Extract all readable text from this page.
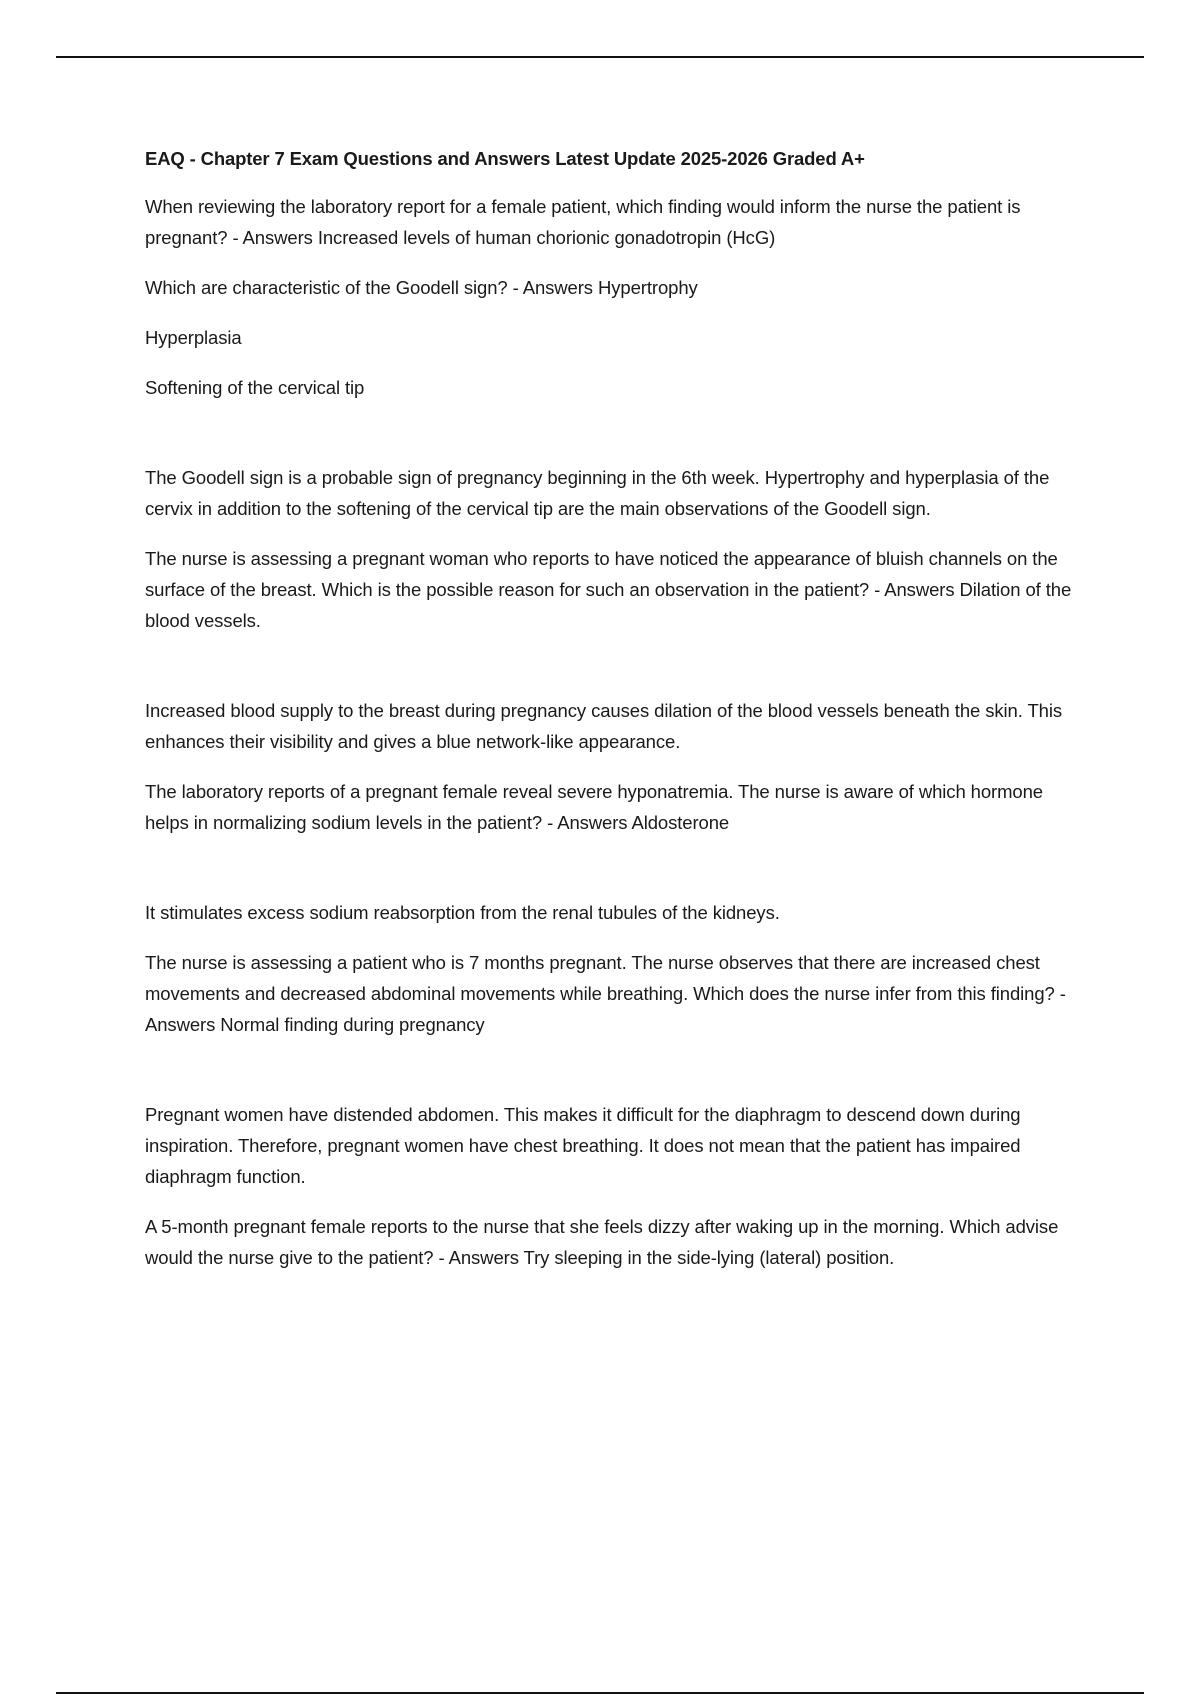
EAQ - Chapter 7 Exam Questions and Answers Latest Update 2025-2026 Graded A+

When reviewing the laboratory report for a female patient, which finding would inform the nurse the patient is pregnant? - Answers Increased levels of human chorionic gonadotropin (HcG)

Which are characteristic of the Goodell sign? - Answers Hypertrophy

Hyperplasia

Softening of the cervical tip

The Goodell sign is a probable sign of pregnancy beginning in the 6th week. Hypertrophy and hyperplasia of the cervix in addition to the softening of the cervical tip are the main observations of the Goodell sign.

The nurse is assessing a pregnant woman who reports to have noticed the appearance of bluish channels on the surface of the breast. Which is the possible reason for such an observation in the patient? - Answers Dilation of the blood vessels.

Increased blood supply to the breast during pregnancy causes dilation of the blood vessels beneath the skin. This enhances their visibility and gives a blue network-like appearance.

The laboratory reports of a pregnant female reveal severe hyponatremia. The nurse is aware of which hormone helps in normalizing sodium levels in the patient? - Answers Aldosterone

It stimulates excess sodium reabsorption from the renal tubules of the kidneys.

The nurse is assessing a patient who is 7 months pregnant. The nurse observes that there are increased chest movements and decreased abdominal movements while breathing. Which does the nurse infer from this finding? - Answers Normal finding during pregnancy

Pregnant women have distended abdomen. This makes it difficult for the diaphragm to descend down during inspiration. Therefore, pregnant women have chest breathing. It does not mean that the patient has impaired diaphragm function.

A 5-month pregnant female reports to the nurse that she feels dizzy after waking up in the morning. Which advise would the nurse give to the patient? - Answers Try sleeping in the side-lying (lateral) position.
